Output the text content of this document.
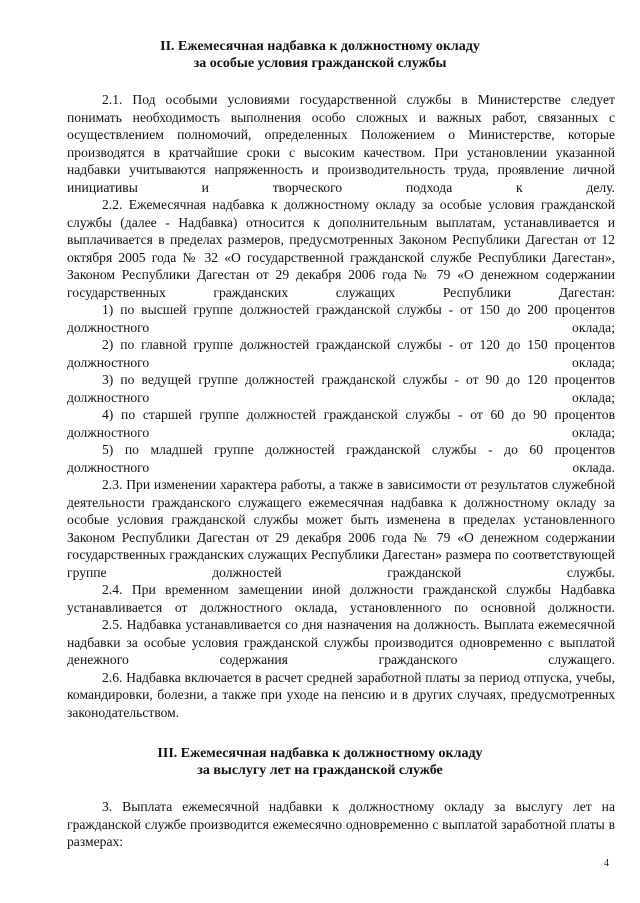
II. Ежемесячная надбавка к должностному окладу
за особые условия гражданской службы

2.1. Под особыми условиями государственной службы в Министерстве следует понимать необходимость выполнения особо сложных и важных работ, связанных с осуществлением полномочий, определенных Положением о Министерстве, которые производятся в кратчайшие сроки с высоким качеством. При установлении указанной надбавки учитываются напряженность и производительность труда, проявление личной инициативы и творческого подхода к делу.

2.2. Ежемесячная надбавка к должностному окладу за особые условия гражданской службы (далее - Надбавка) относится к дополнительным выплатам, устанавливается и выплачивается в пределах размеров, предусмотренных Законом Республики Дагестан от 12 октября 2005 года № 32 «О государственной гражданской службе Республики Дагестан», Законом Республики Дагестан от 29 декабря 2006 года № 79 «О денежном содержании государственных гражданских служащих Республики Дагестан:

1) по высшей группе должностей гражданской службы - от 150 до 200 процентов должностного оклада;

2) по главной группе должностей гражданской службы - от 120 до 150 процентов должностного оклада;

3) по ведущей группе должностей гражданской службы - от 90 до 120 процентов должностного оклада;

4) по старшей группе должностей гражданской службы - от 60 до 90 процентов должностного оклада;

5) по младшей группе должностей гражданской службы - до 60 процентов должностного оклада.

2.3. При изменении характера работы, а также в зависимости от результатов служебной деятельности гражданского служащего ежемесячная надбавка к должностному окладу за особые условия гражданской службы может быть изменена в пределах установленного Законом Республики Дагестан от 29 декабря 2006 года № 79 «О денежном содержании государственных гражданских служащих Республики Дагестан» размера по соответствующей группе должностей гражданской службы.

2.4. При временном замещении иной должности гражданской службы Надбавка устанавливается от должностного оклада, установленного по основной должности.

2.5. Надбавка устанавливается со дня назначения на должность. Выплата ежемесячной надбавки за особые условия гражданской службы производится одновременно с выплатой денежного содержания гражданского служащего.

2.6. Надбавка включается в расчет средней заработной платы за период отпуска, учебы, командировки, болезни, а также при уходе на пенсию и в других случаях, предусмотренных законодательством.

III. Ежемесячная надбавка к должностному окладу
за выслугу лет на гражданской службе

3. Выплата ежемесячной надбавки к должностному окладу за выслугу лет на гражданской службе производится ежемесячно одновременно с выплатой заработной платы в размерах:

4
